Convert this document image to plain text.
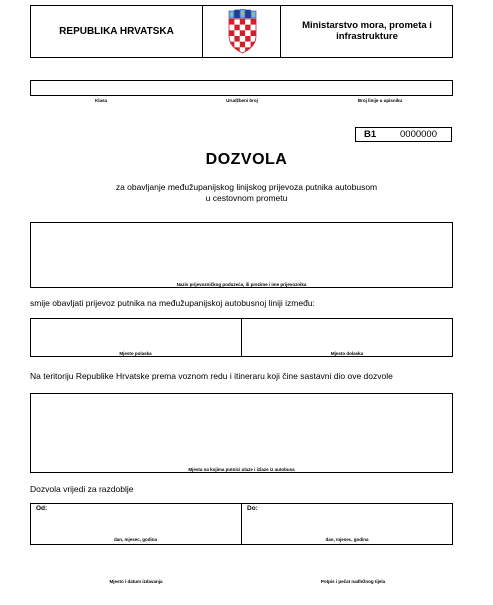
REPUBLIKA HRVATSKA
Ministarstvo mora, prometa i
infrastrukture
Klasa	Urudžbeni broj	Broj linije u upisniku
B1	0000000
DOZVOLA
za obavljanje međužupanijskog linijskog prijevoza putnika autobusom
u cestovnom prometu
Naziv prijevozničkog poduzeća, ili prezime i ime prijevoznika
smije obavljati prijevoz putnika na međužupanijskoj autobusnoj liniji između:
Mjesto polaska	Mjesto dolaska
Na teritoriju Republike Hrvatske prema voznom redu i itineraru koji čine sastavni dio ove dozvole
Mjesta na kojima putnici ulaze i izlaze iz autobusa
Dozvola vrijedi za razdoblje
Od:	Do:
dan, mjesec, godina	dan, mjesec, godina
Mjesto i datum izdavanja	Potpis i pečat nadležnog tijela
